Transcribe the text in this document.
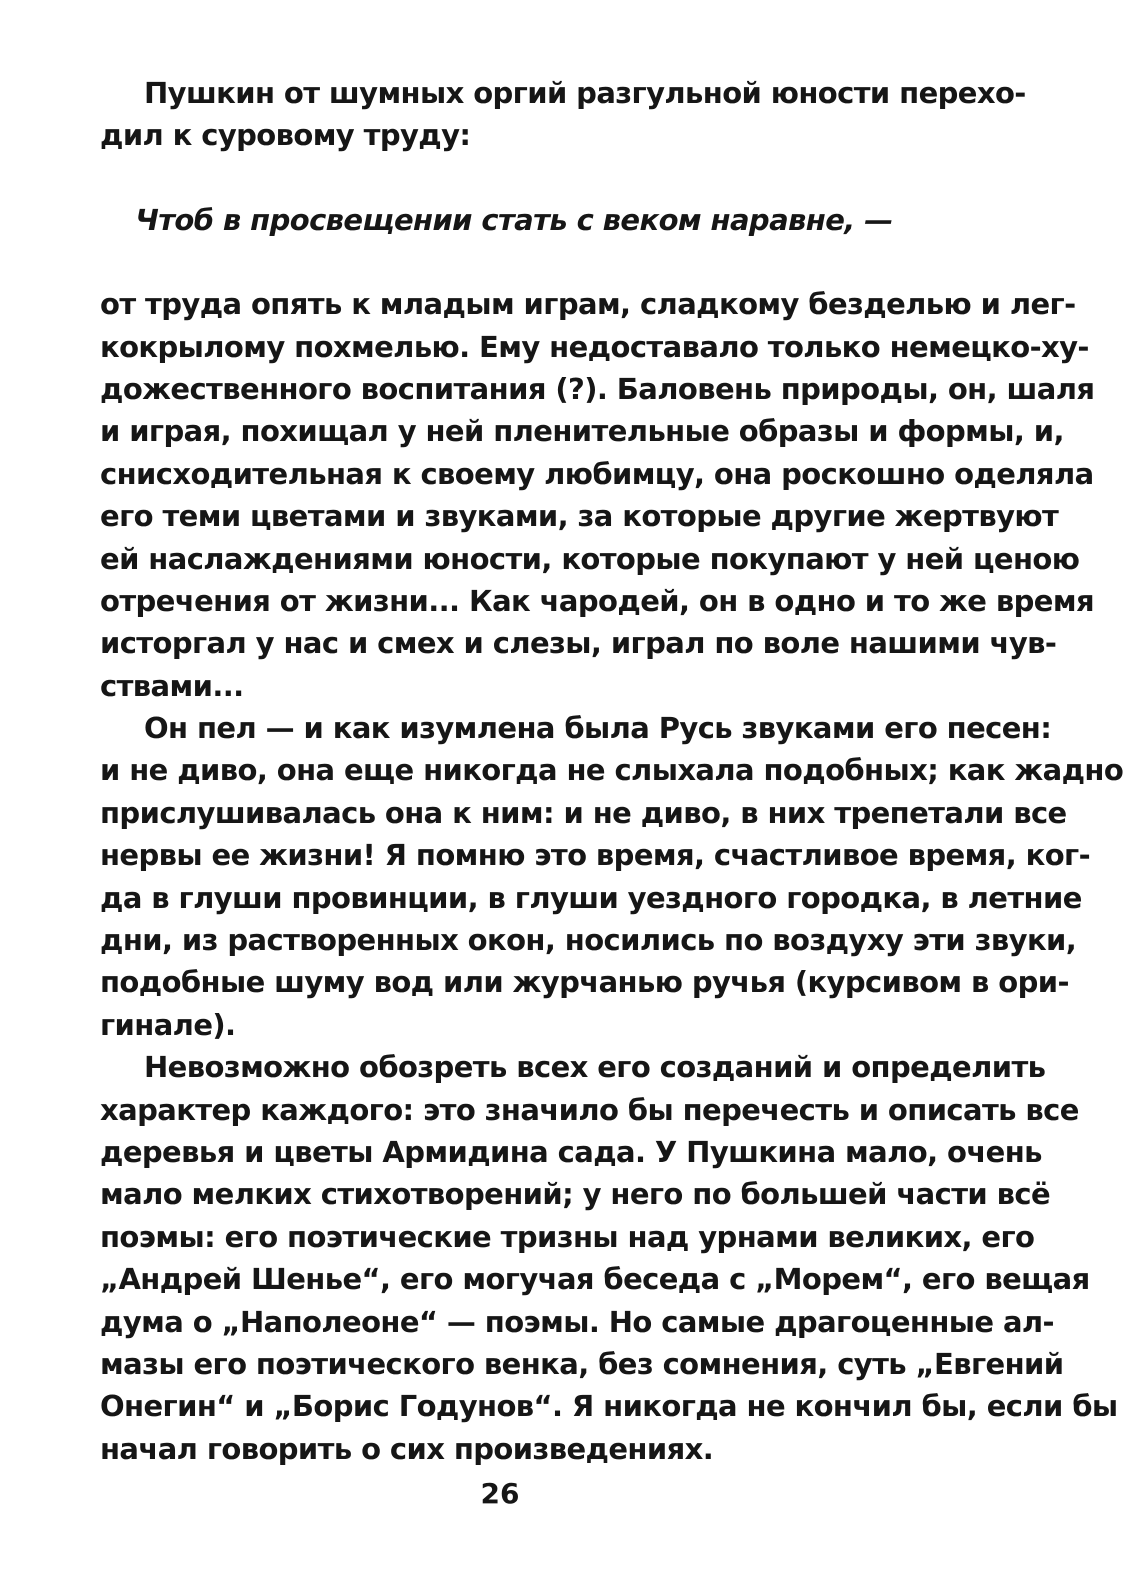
Пушкин от шумных оргий разгульной юности перехо-
дил к суровому труду:
Чтоб в просвещении стать с веком наравне, —
от труда опять к младым играм, сладкому безделью и лег-
кокрылому похмелью. Ему недоставало только немецко-ху-
дожественного воспитания (?). Баловень природы, он, шаля
и играя, похищал у ней пленительные образы и формы, и,
снисходительная к своему любимцу, она роскошно оделяла
его теми цветами и звуками, за которые другие жертвуют
ей наслаждениями юности, которые покупают у ней ценою
отречения от жизни... Как чародей, он в одно и то же время
исторгал у нас и смех и слезы, играл по воле нашими чув-
ствами...
Он пел — и как изумлена была Русь звуками его песен:
и не диво, она еще никогда не слыхала подобных; как жадно
прислушивалась она к ним: и не диво, в них трепетали все
нервы ее жизни! Я помню это время, счастливое время, ког-
да в глуши провинции, в глуши уездного городка, в летние
дни, из растворенных окон, носились по воздуху эти звуки,
подобные шуму вод или журчанью ручья (курсивом в ори-
гинале).
Невозможно обозреть всех его созданий и определить
характер каждого: это значило бы перечесть и описать все
деревья и цветы Армидина сада. У Пушкина мало, очень
мало мелких стихотворений; у него по большей части всё
поэмы: его поэтические тризны над урнами великих, его
„Андрей Шенье“, его могучая беседа с „Морем“, его вещая
дума о „Наполеоне“ — поэмы. Но самые драгоценные ал-
мазы его поэтического венка, без сомнения, суть „Евгений
Онегин“ и „Борис Годунов“. Я никогда не кончил бы, если бы
начал говорить о сих произведениях.
26
